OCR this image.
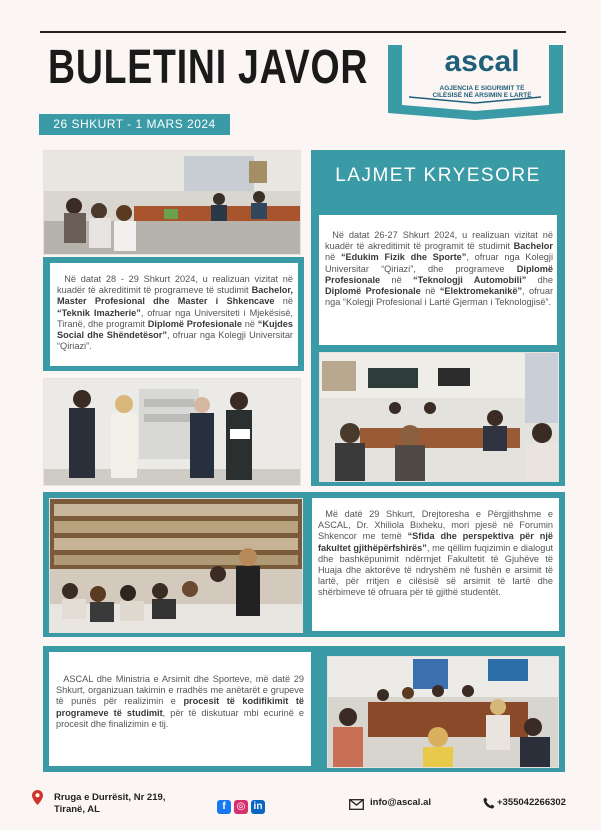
BULETINI JAVOR
26 SHKURT - 1 MARS 2024
ascal
AGJENCIA E SIGURIMIT TË
CILËSISË NË ARSIMIN E LARTË
LAJMET KRYESORE

• Në datat 26-27 Shkurt 2024, u realizuan vizitat në kuadër të akreditimit të programit të studimit Bachelor në “Edukim Fizik dhe Sporte”, ofruar nga Kolegji Universitar “Qiriazi”, dhe programeve Diplomë Profesionale në “Teknologji Automobili” dhe Diplomë Profesionale në “Elektromekanikë”, ofruar nga “Kolegji Profesional i Lartë Gjerman i Teknologjisë”.

• Në datat 28 - 29 Shkurt 2024, u realizuan vizitat në kuadër të akreditimit të programeve të studimit Bachelor, Master Profesional dhe Master i Shkencave në “Teknik Imazherie”, ofruar nga Universiteti i Mjekësisë, Tiranë, dhe programit Diplomë Profesionale në “Kujdes Social dhe Shëndetësor”, ofruar nga Kolegji Universitar “Qiriazi”.

• Më datë 29 Shkurt, Drejtoresha e Përgjithshme e ASCAL, Dr. Xhiliola Bixheku, mori pjesë në Forumin Shkencor me temë “Sfida dhe perspektiva për një fakultet gjithëpërfshirës”, me qëllim fuqizimin e dialogut dhe bashkëpunimit ndërmjet Fakultetit të Gjuhëve të Huaja dhe aktorëve të ndryshëm në fushën e arsimit të lartë, për rritjen e cilësisë së arsimit të lartë dhe shërbimeve të ofruara për të gjithë studentët.

• ASCAL dhe Ministria e Arsimit dhe Sporteve, më datë 29 Shkurt, organizuan takimin e rradhës me anëtarët e grupeve të punës për realizimin e procesit të kodifikimit të programeve të studimit, për të diskutuar mbi ecurinë e procesit dhe finalizimin e tij.

Rruga e Durrësit, Nr 219,
Tiranë, AL	f ◎ in	info@ascal.al	+355042266302
